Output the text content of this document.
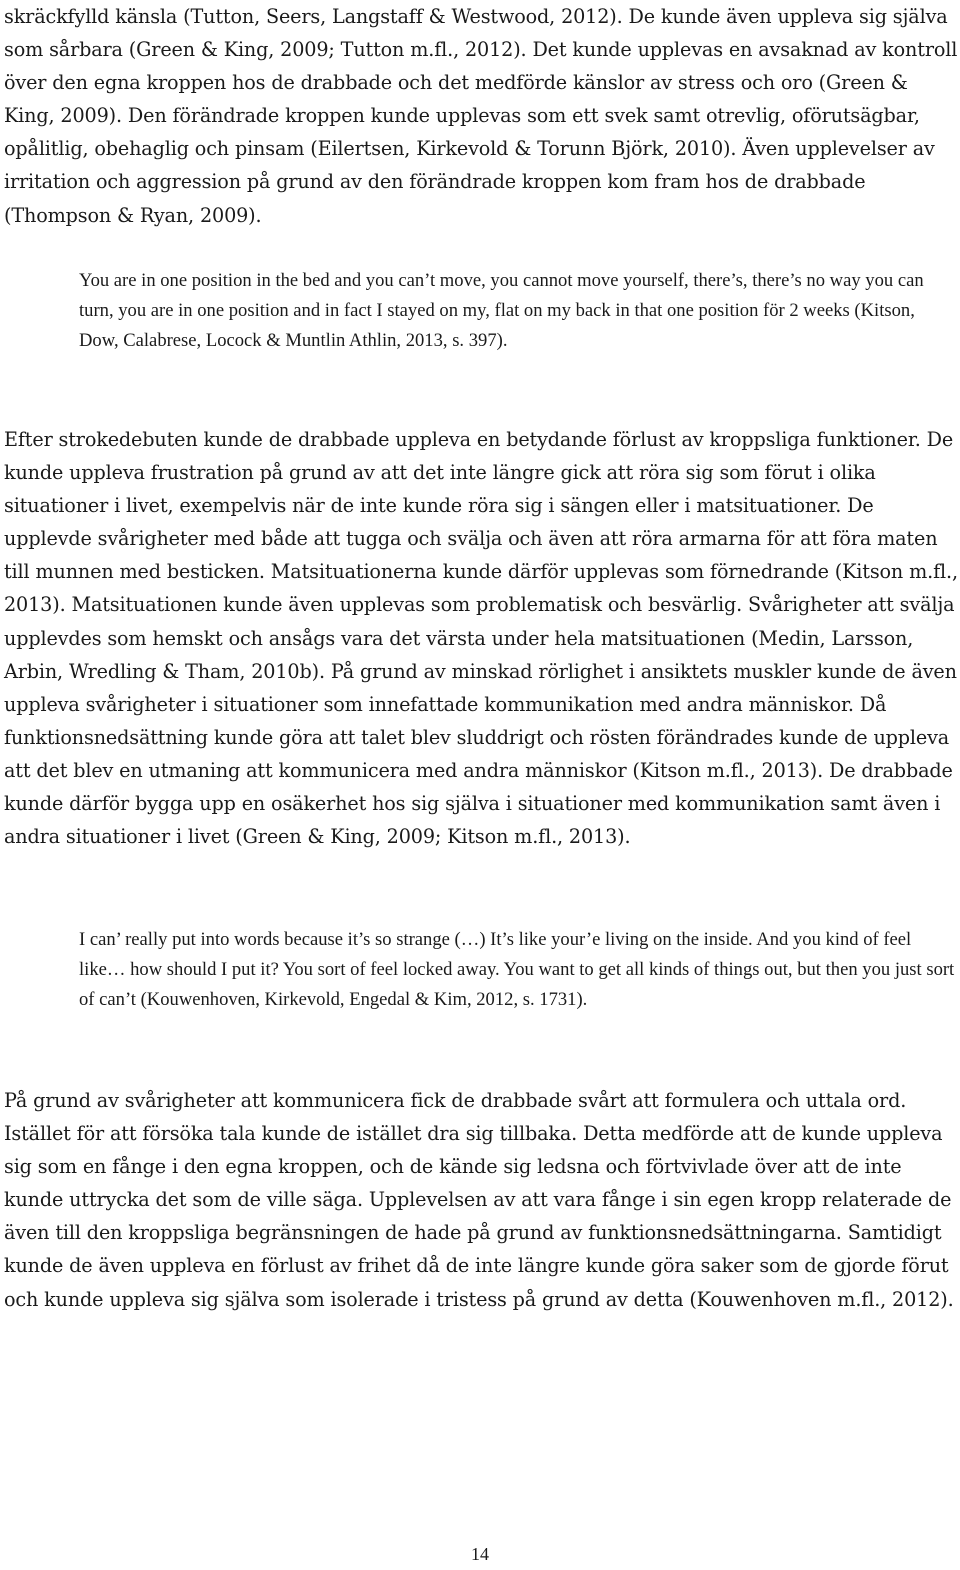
skräckfylld känsla (Tutton, Seers, Langstaff & Westwood, 2012). De kunde även uppleva sig själva som sårbara (Green & King, 2009; Tutton m.fl., 2012). Det kunde upplevas en avsaknad av kontroll över den egna kroppen hos de drabbade och det medförde känslor av stress och oro (Green & King, 2009). Den förändrade kroppen kunde upplevas som ett svek samt otrevlig, oförutsägbar, opålitlig, obehaglig och pinsam (Eilertsen, Kirkevold & Torunn Björk, 2010). Även upplevelser av irritation och aggression på grund av den förändrade kroppen kom fram hos de drabbade (Thompson & Ryan, 2009).

You are in one position in the bed and you can’t move, you cannot move yourself, there’s, there’s no way you can turn, you are in one position and in fact I stayed on my, flat on my back in that one position för 2 weeks (Kitson, Dow, Calabrese, Locock & Muntlin Athlin, 2013, s. 397).

Efter strokedebuten kunde de drabbade uppleva en betydande förlust av kroppsliga funktioner. De kunde uppleva frustration på grund av att det inte längre gick att röra sig som förut i olika situationer i livet, exempelvis när de inte kunde röra sig i sängen eller i matsituationer. De upplevde svårigheter med både att tugga och svälja och även att röra armarna för att föra maten till munnen med besticken. Matsituationerna kunde därför upplevas som förnedrande (Kitson m.fl., 2013). Matsituationen kunde även upplevas som problematisk och besvärlig. Svårigheter att svälja upplevdes som hemskt och ansågs vara det värsta under hela matsituationen (Medin, Larsson, Arbin, Wredling & Tham, 2010b). På grund av minskad rörlighet i ansiktets muskler kunde de även uppleva svårigheter i situationer som innefattade kommunikation med andra människor. Då funktionsnedsättning kunde göra att talet blev sluddrigt och rösten förändrades kunde de uppleva att det blev en utmaning att kommunicera med andra människor (Kitson m.fl., 2013). De drabbade kunde därför bygga upp en osäkerhet hos sig själva i situationer med kommunikation samt även i andra situationer i livet (Green & King, 2009; Kitson m.fl., 2013).

I can’ really put into words because it’s so strange (…) It’s like your’e living on the inside. And you kind of feel like… how should I put it? You sort of feel locked away. You want to get all kinds of things out, but then you just sort of can’t (Kouwenhoven, Kirkevold, Engedal & Kim, 2012, s. 1731).

På grund av svårigheter att kommunicera fick de drabbade svårt att formulera och uttala ord. Istället för att försöka tala kunde de istället dra sig tillbaka. Detta medförde att de kunde uppleva sig som en fånge i den egna kroppen, och de kände sig ledsna och förtvivlade över att de inte kunde uttrycka det som de ville säga. Upplevelsen av att vara fånge i sin egen kropp relaterade de även till den kroppsliga begränsningen de hade på grund av funktionsnedsättningarna. Samtidigt kunde de även uppleva en förlust av frihet då de inte längre kunde göra saker som de gjorde förut och kunde uppleva sig själva som isolerade i tristess på grund av detta (Kouwenhoven m.fl., 2012).

14
